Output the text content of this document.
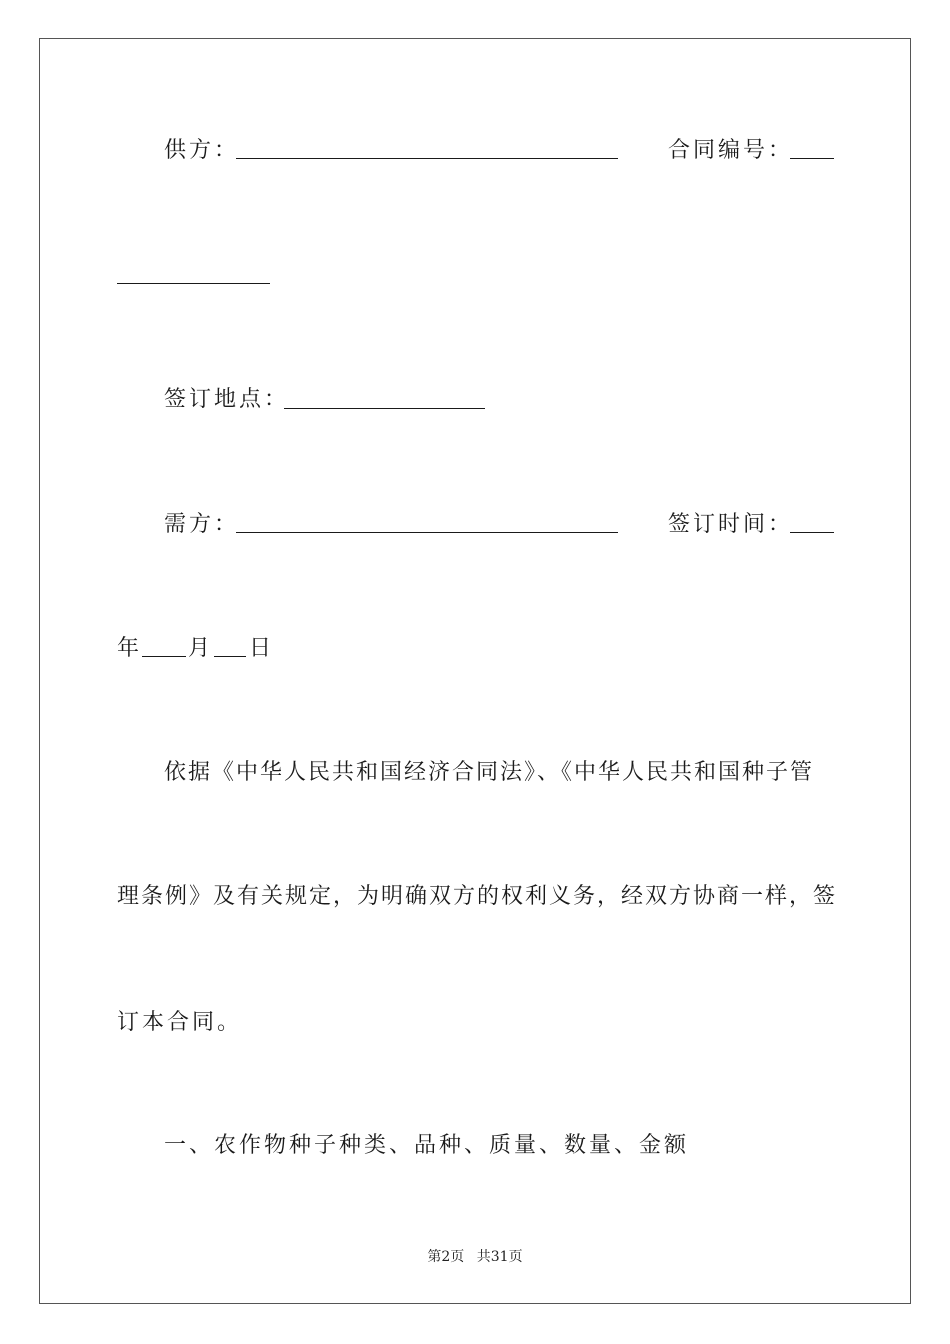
供方：	合同编号：
签订地点：
需方：	签订时间：
年 月 日
依据《中华人民共和国经济合同法》、《中华人民共和国种子管
理条例》及有关规定，为明确双方的权利义务，经双方协商一样，签
订本合同。
一、农作物种子种类、品种、质量、数量、金额
第2页 共31页
